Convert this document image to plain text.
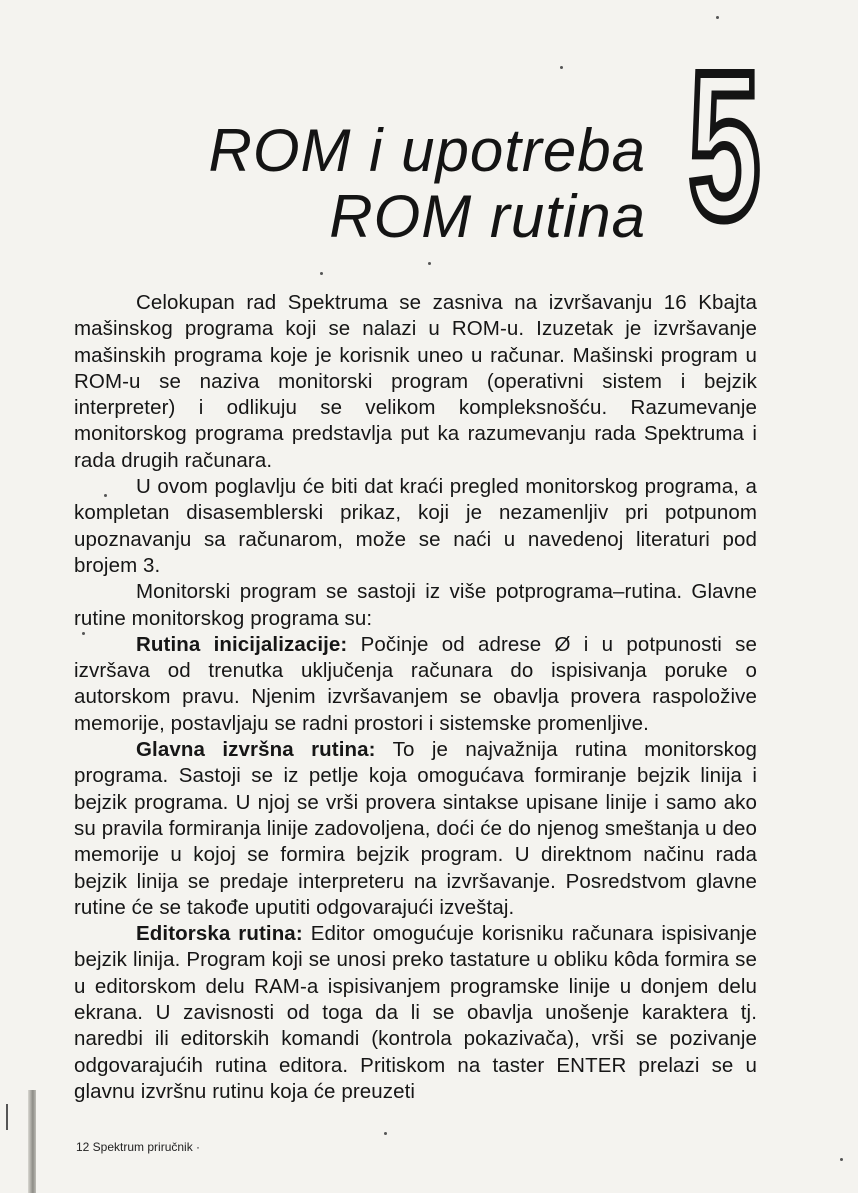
ROM i upotreba
ROM rutina 5

Celokupan rad Spektruma se zasniva na izvršavanju 16 Kbajta mašinskog programa koji se nalazi u ROM-u. Izuzetak je izvršavanje mašinskih programa koje je korisnik uneo u računar. Mašinski program u ROM-u se naziva monitorski program (operativni sistem i bejzik interpreter) i odlikuju se velikom kompleksnošću. Razumevanje monitorskog programa predstavlja put ka razumevanju rada Spektruma i rada drugih računara.

U ovom poglavlju će biti dat kraći pregled monitorskog programa, a kompletan disasemblerski prikaz, koji je nezamenljiv pri potpunom upoznavanju sa računarom, može se naći u navedenoj literaturi pod brojem 3.

Monitorski program se sastoji iz više potprograma–rutina. Glavne rutine monitorskog programa su:

Rutina inicijalizacije: Počinje od adrese Ø i u potpunosti se izvršava od trenutka uključenja računara do ispisivanja poruke o autorskom pravu. Njenim izvršavanjem se obavlja provera raspoložive memorije, postavljaju se radni prostori i sistemske promenljive.

Glavna izvršna rutina: To je najvažnija rutina monitorskog programa. Sastoji se iz petlje koja omogućava formiranje bejzik linija i bejzik programa. U njoj se vrši provera sintakse upisane linije i samo ako su pravila formiranja linije zadovoljena, doći će do njenog smeštanja u deo memorije u kojoj se formira bejzik program. U direktnom načinu rada bejzik linija se predaje interpreteru na izvršavanje. Posredstvom glavne rutine će se takođe uputiti odgovarajući izveštaj.

Editorska rutina: Editor omogućuje korisniku računara ispisivanje bejzik linija. Program koji se unosi preko tastature u obliku kôda formira se u editorskom delu RAM-a ispisivanjem programske linije u donjem delu ekrana. U zavisnosti od toga da li se obavlja unošenje karaktera tj. naredbi ili editorskih komandi (kontrola pokazivača), vrši se pozivanje odgovarajućih rutina editora. Pritiskom na taster ENTER prelazi se u glavnu izvršnu rutinu koja će preuzeti

12 Spektrum priručnik ·
